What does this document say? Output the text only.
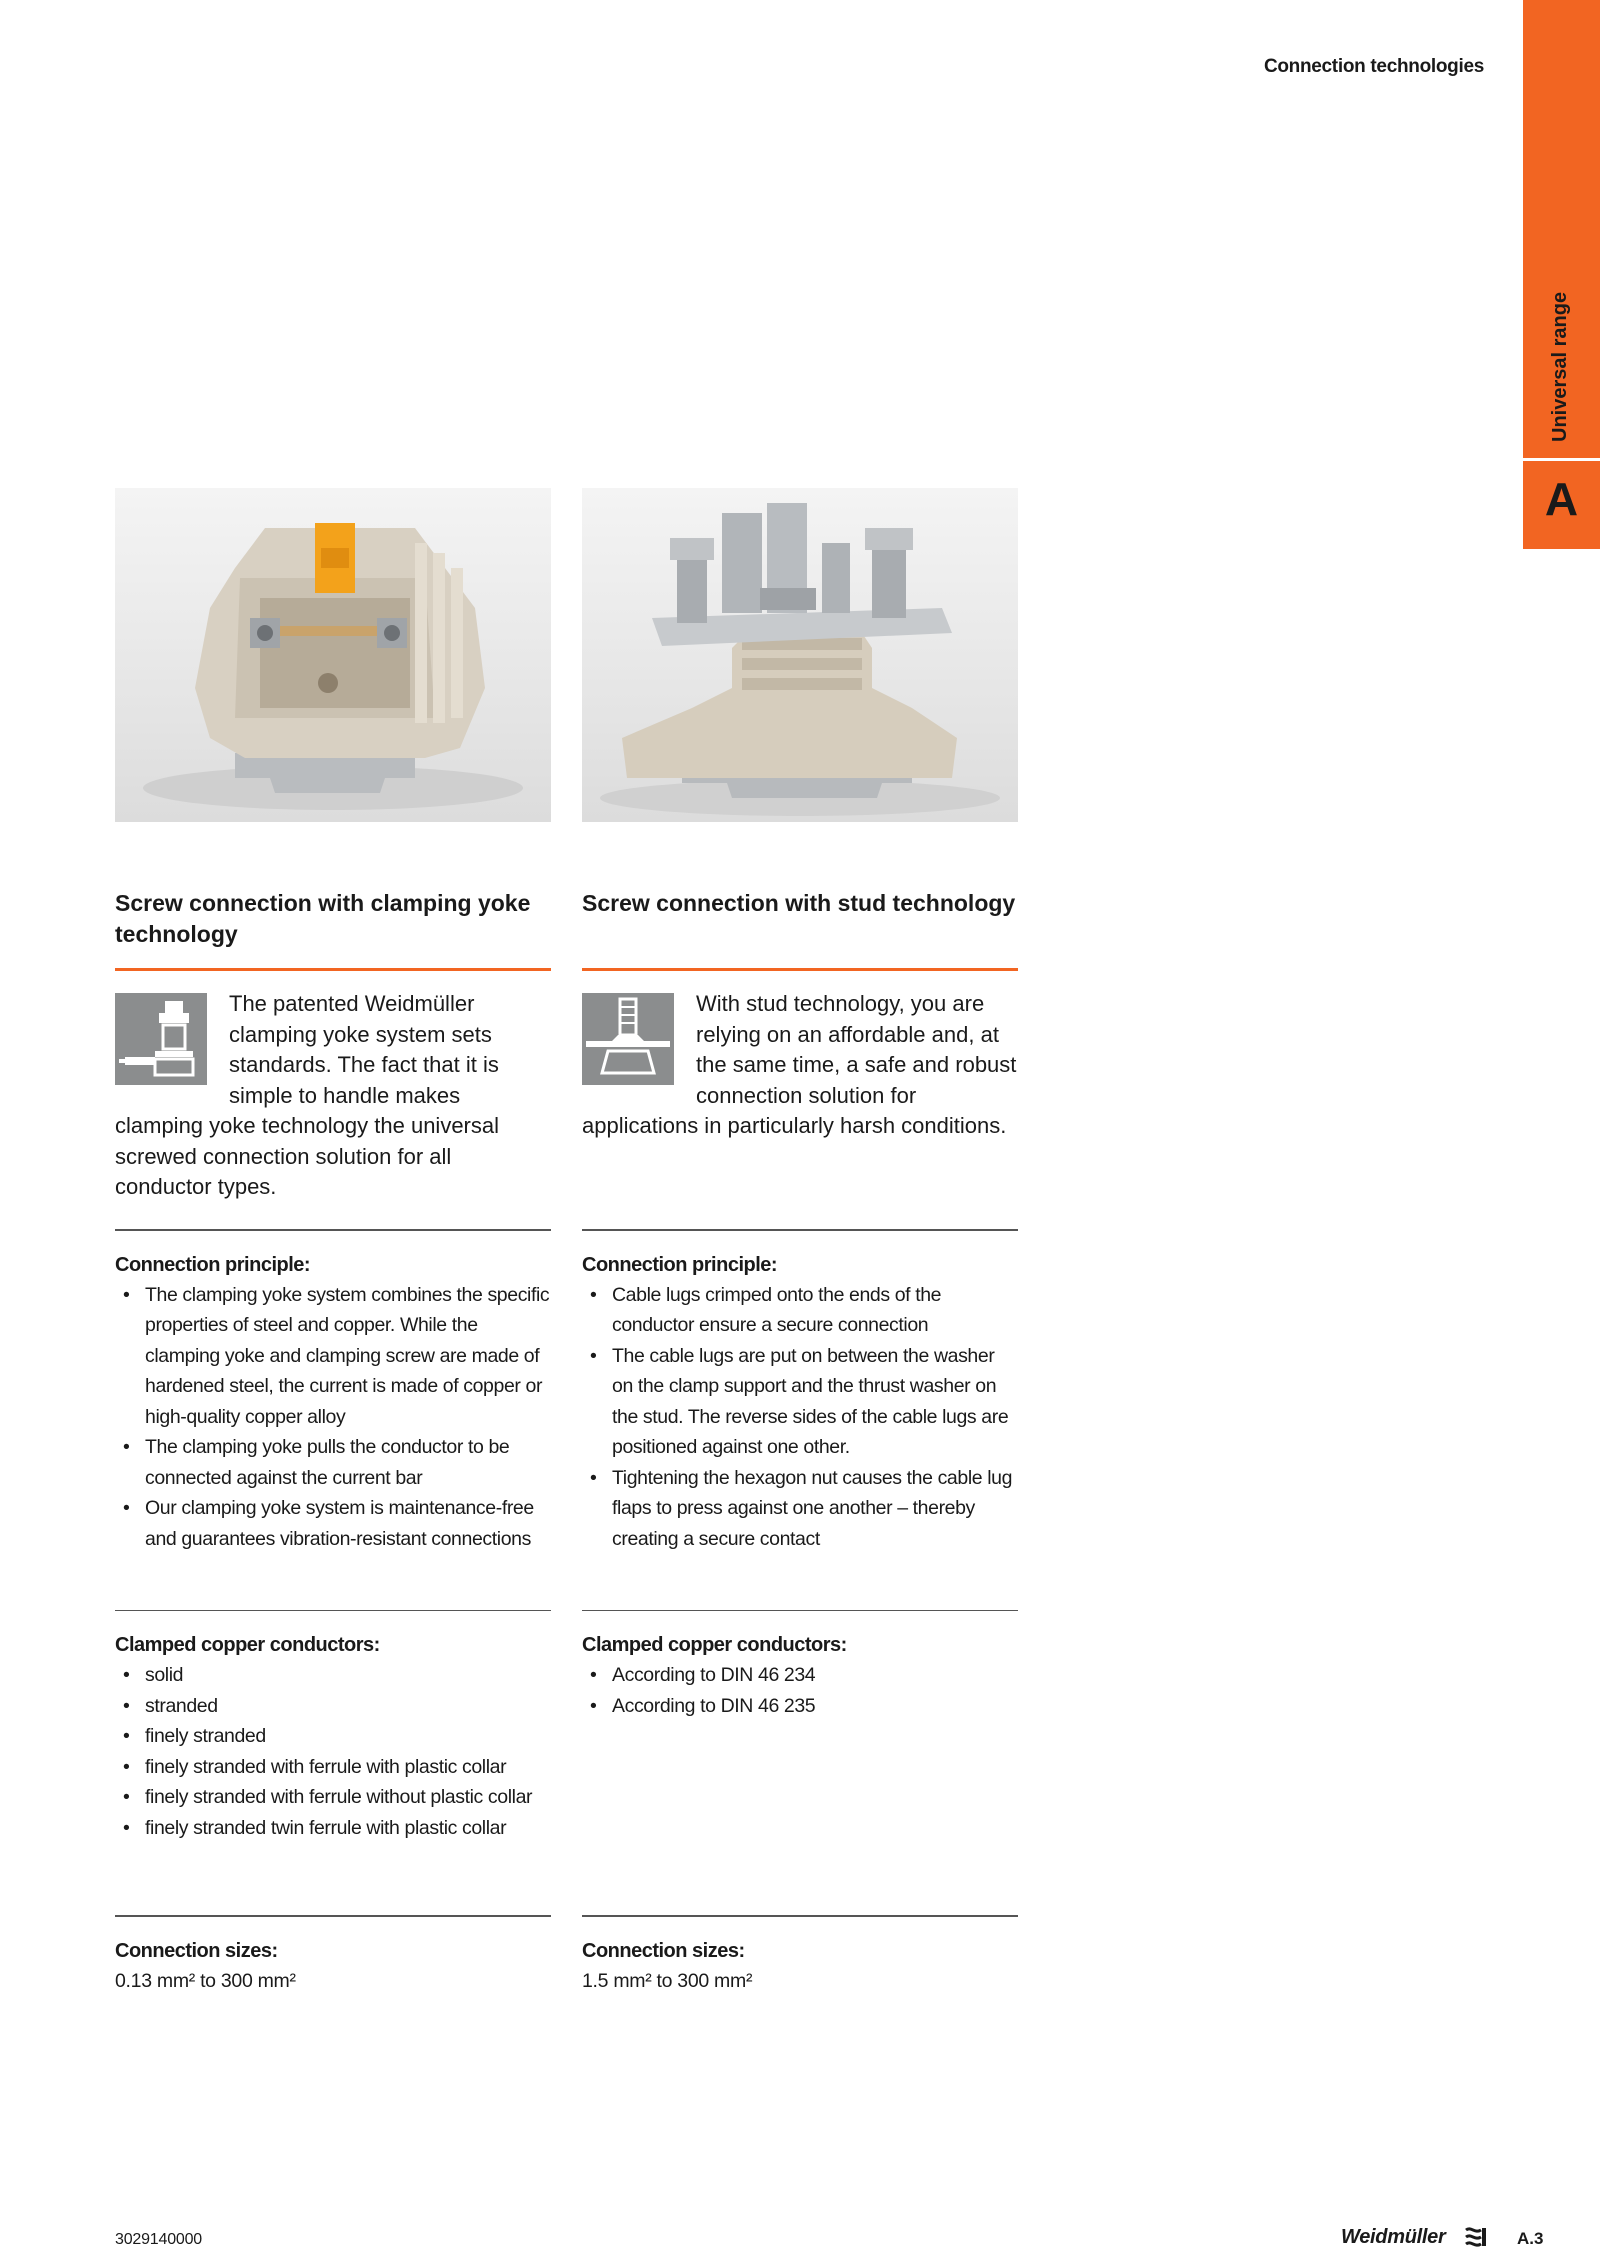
Connection technologies
Universal range
A
Screw connection with clamping yoke technology
The patented Weidmüller clamping yoke system sets standards. The fact that it is simple to handle makes clamping yoke technology the universal screwed connection solution for all conductor types.
Connection principle:
• The clamping yoke system combines the specific properties of steel and copper. While the clamping yoke and clamping screw are made of hardened steel, the current is made of copper or high-quality copper alloy
• The clamping yoke pulls the conductor to be connected against the current bar
• Our clamping yoke system is maintenance-free and guarantees vibration-resistant connections
Clamped copper conductors:
• solid
• stranded
• finely stranded
• finely stranded with ferrule with plastic collar
• finely stranded with ferrule without plastic collar
• finely stranded twin ferrule with plastic collar
Connection sizes:
0.13 mm² to 300 mm²
Screw connection with stud technology
With stud technology, you are relying on an affordable and, at the same time, a safe and robust connection solution for applications in particularly harsh conditions.
Connection principle:
• Cable lugs crimped onto the ends of the conductor ensure a secure connection
• The cable lugs are put on between the washer on the clamp support and the thrust washer on the stud. The reverse sides of the cable lugs are positioned against one other.
• Tightening the hexagon nut causes the cable lug flaps to press against one another – thereby creating a secure contact
Clamped copper conductors:
• According to DIN 46 234
• According to DIN 46 235
Connection sizes:
1.5 mm² to 300 mm²
3029140000	Weidmüller	A.3
